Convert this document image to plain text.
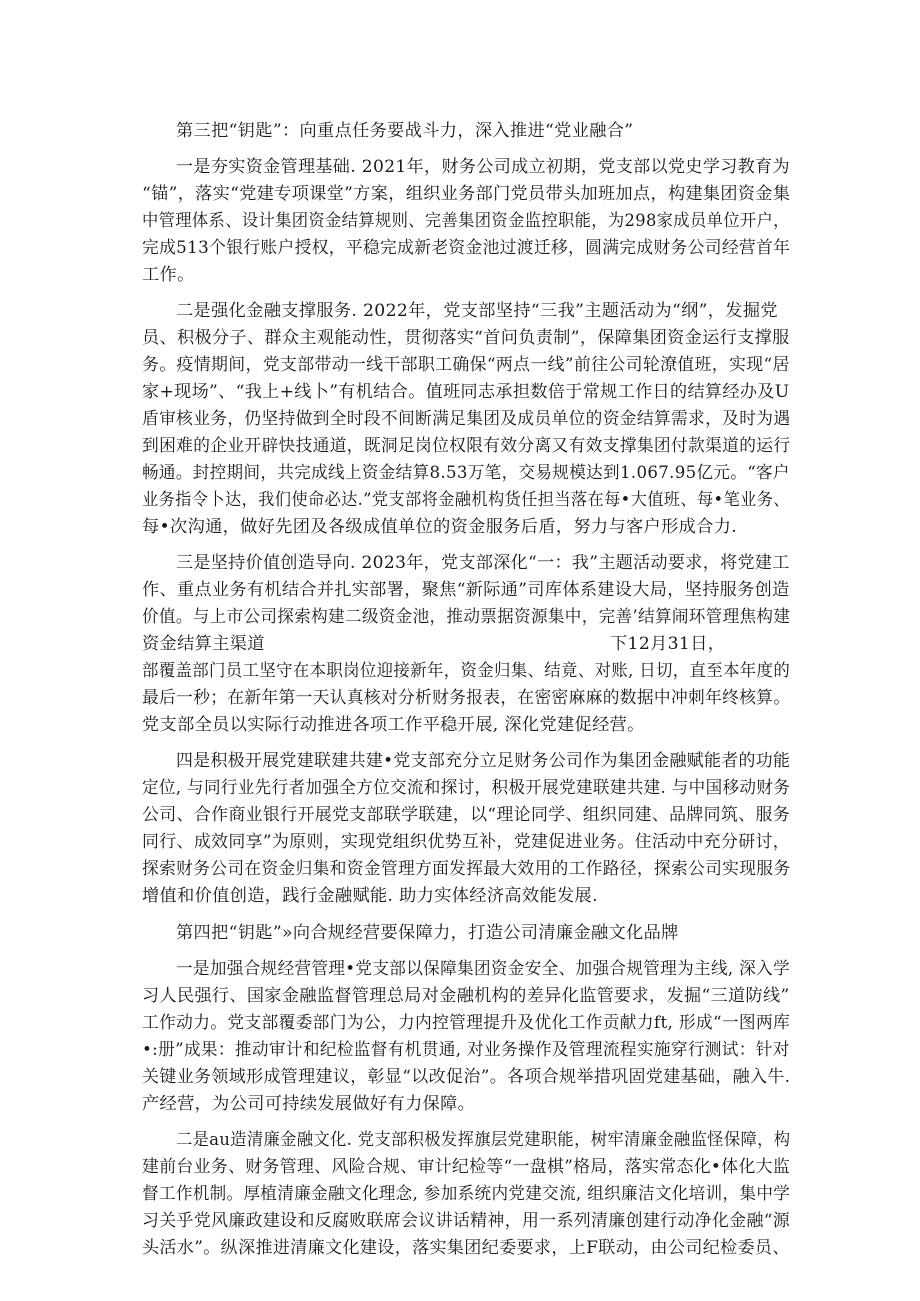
第三把“钥匙”：向重点任务要战斗力，深入推进“党业融合”
一是夯实资金管理基础. 2021年，财务公司成立初期，党支部以党史学习教育为
“锚”，落实“党建专项课堂”方案，组织业务部门党员带头加班加点，构建集团资金集
中管理体系、设计集团资金结算规则、完善集团资金监控职能，为298家成员单位开户，
完成513个银行账户授权，平稳完成新老资金池过渡迁移，圆满完成财务公司经营首年
工作。
二是强化金融支撑服务. 2022年，党支部坚持“三我”主题活动为“纲”，发掘党
员、积极分子、群众主观能动性，贯彻落实“首问负责制”，保障集团资金运行支撑服
务。疫情期间，党支部带动一线干部职工确保“两点一线”前往公司轮潦值班，实现“居
家+现场”、“我上+线卜”有机结合。值班同志承担数倍于常规工作日的结算经办及U
盾审核业务，仍坚持做到全时段不间断满足集团及成员单位的资金结算需求，及时为遇
到困难的企业开辟快技通道，既洞足岗位权限有效分离又有效支撑集团付款渠道的运行
畅通。封控期间，共完成线上资金结算8.53万笔，交易规模达到1.067.95亿元。“客户
业务指令卜达，我们使命必达.”党支部将金融机构货任担当落在每•大值班、每•笔业务、
每•次沟通，做好先团及各级成值单位的资金服务后盾，努力与客户形成合力.
三是坚持价值创造导向. 2023年，党支部深化“一：我”主题活动要求，将党建工
作、重点业务有机结合并扎实部署，聚焦“新际通”司库体系建设大局，坚持服务创造
价值。与上市公司探索构建二级资金池，推动票据资源集中，完善’结算闹环管理焦构建
资金结算主渠道	下12月31日，
部覆盖部门员工坚守在本职岗位迎接新年，资金归集、结竟、对账, 日切，直至本年度的
最后一秒；在新年第一天认真核对分析财务报表，在密密麻麻的数据中冲刺年终核算。
党支部全员以实际行动推进各项工作平稳开展, 深化党建促经营。
四是积极开展党建联建共建•党支部充分立足财务公司作为集团金融赋能者的功能
定位, 与同行业先行者加强全方位交流和探讨，积极开展党建联建共建. 与中国移动财务
公司、合作商业银行开展党支部联学联建，以“理论同学、组织同建、品牌同筑、服务
同行、成效同享”为原则，实现党组织优势互补，党建促进业务。住活动中充分研讨，
探索财务公司在资金归集和资金管理方面发挥最大效用的工作路径，探索公司实现服务
增值和价值创造，践行金融赋能. 助力实体经济高效能发展.
第四把“钥匙”»向合规经营要保障力，打造公司清廉金融文化品牌
一是加强合规经营管理•党支部以保障集团资金安全、加强合规管理为主线, 深入学
习人民强行、国家金融监督管理总局对金融机构的差异化监管要求，发掘“三道防线”
工作动力。党支部覆委部门为公，力内控管理提升及优化工作贡献力ft, 形成“一图两库
•:册”成果：推动审计和纪检监督有机贯通, 对业务操作及管理流程实施穿行测试：针对
关键业务领域形成管理建议，彰显“以改促治”。各项合规举措巩固党建基础，融入牛.
产经营，为公司可持续发展做好有力保障。
二是au造清廉金融文化. 党支部积极发挥旗层党建职能，树牢清廉金融监怪保障，构
建前台业务、财务管理、风险合规、审计纪检等“一盘棋”格局，落实常态化•体化大监
督工作机制。厚植清廉金融文化理念, 参加系统内党建交流, 组织廉洁文化培训，集中学
习关乎党风廉政建设和反腐败联席会议讲话精神，用一系列清廉创建行动净化金融“源
头活水”。纵深推进清廉文化建设，落实集团纪委要求，上F联动，由公司纪检委员、
